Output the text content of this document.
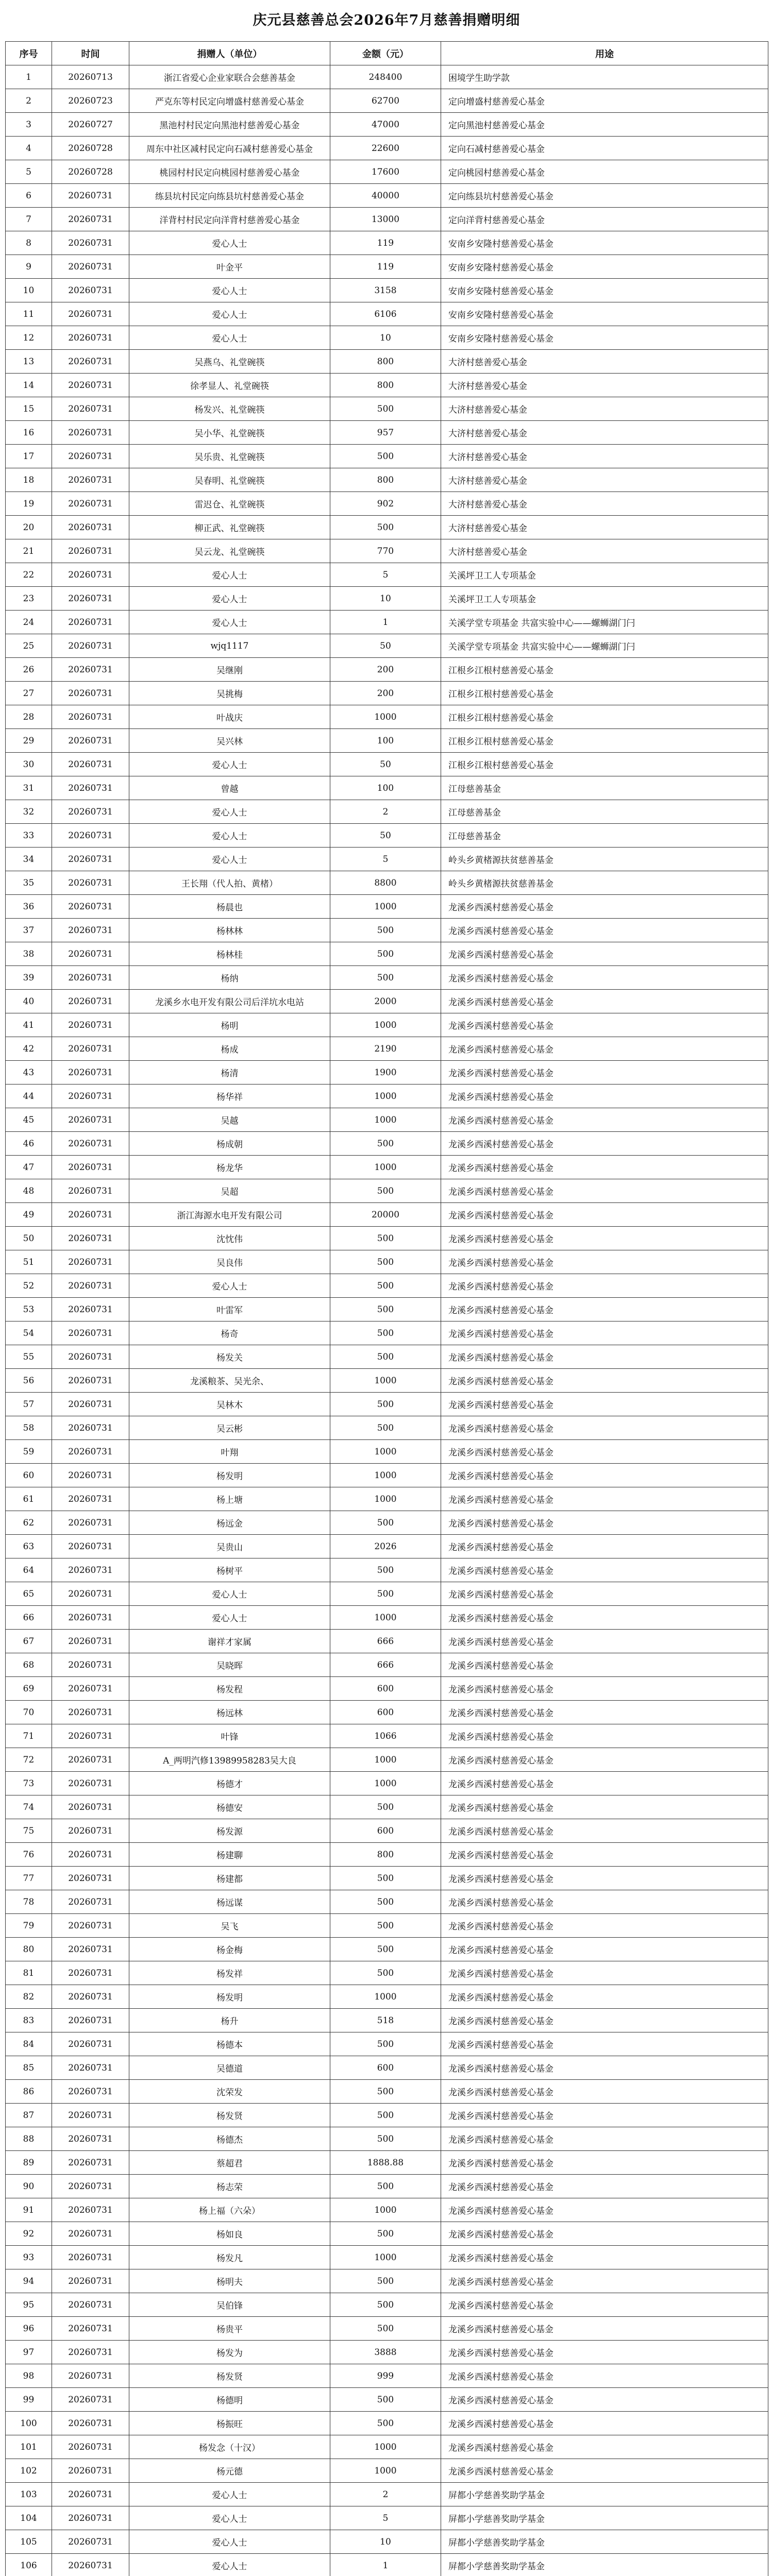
庆元县慈善总会2026年7月慈善捐赠明细
序号	时间	捐赠人（单位）	金额（元）	用途
1	20260713	浙江省爱心企业家联合会慈善基金	248400	困境学生助学款
2	20260723	严克东等村民定向增盛村慈善爱心基金	62700	定向增盛村慈善爱心基金
3	20260727	黑池村村民定向黑池村慈善爱心基金	47000	定向黑池村慈善爱心基金
4	20260728	周东中社区减村民定向石减村慈善爱心基金	22600	定向石减村慈善爱心基金
5	20260728	桃园村村民定向桃园村慈善爱心基金	17600	定向桃园村慈善爱心基金
6	20260731	练县坑村民定向练县坑村慈善爱心基金	40000	定向练县坑村慈善爱心基金
7	20260731	洋背村村民定向洋背村慈善爱心基金	13000	定向洋背村慈善爱心基金
8	20260731	爱心人士	119	安南乡安隆村慈善爱心基金
9	20260731	叶金平	119	安南乡安隆村慈善爱心基金
10	20260731	爱心人士	3158	安南乡安隆村慈善爱心基金
11	20260731	爱心人士	6106	安南乡安隆村慈善爱心基金
12	20260731	爱心人士	10	安南乡安隆村慈善爱心基金
13	20260731	吴燕乌、礼堂碗筷	800	大济村慈善爱心基金
14	20260731	徐孝显人、礼堂碗筷	800	大济村慈善爱心基金
15	20260731	杨发兴、礼堂碗筷	500	大济村慈善爱心基金
16	20260731	吴小华、礼堂碗筷	957	大济村慈善爱心基金
17	20260731	吴乐贵、礼堂碗筷	500	大济村慈善爱心基金
18	20260731	吴春明、礼堂碗筷	800	大济村慈善爱心基金
19	20260731	雷迟仓、礼堂碗筷	902	大济村慈善爱心基金
20	20260731	柳正武、礼堂碗筷	500	大济村慈善爱心基金
21	20260731	吴云龙、礼堂碗筷	770	大济村慈善爱心基金
22	20260731	爱心人士	5	关溪坪卫工人专项基金
23	20260731	爱心人士	10	关溪坪卫工人专项基金
24	20260731	爱心人士	1	关溪学堂专项基金 共富实验中心——螺蛳湖门闩
25	20260731	wjq1117	50	关溪学堂专项基金 共富实验中心——螺蛳湖门闩
26	20260731	吴继刚	200	江根乡江根村慈善爱心基金
27	20260731	吴挑梅	200	江根乡江根村慈善爱心基金
28	20260731	叶战庆	1000	江根乡江根村慈善爱心基金
29	20260731	吴兴林	100	江根乡江根村慈善爱心基金
30	20260731	爱心人士	50	江根乡江根村慈善爱心基金
31	20260731	曾越	100	江母慈善基金
32	20260731	爱心人士	2	江母慈善基金
33	20260731	爱心人士	50	江母慈善基金
34	20260731	爱心人士	5	岭头乡黄楮源扶贫慈善基金
35	20260731	王长翔（代人拍、黄楮）	8800	岭头乡黄楮源扶贫慈善基金
36	20260731	杨晨也	1000	龙溪乡西溪村慈善爱心基金
37	20260731	杨林林	500	龙溪乡西溪村慈善爱心基金
38	20260731	杨林桂	500	龙溪乡西溪村慈善爱心基金
39	20260731	杨纳	500	龙溪乡西溪村慈善爱心基金
40	20260731	龙溪乡水电开发有限公司后洋坑水电站	2000	龙溪乡西溪村慈善爱心基金
41	20260731	杨明	1000	龙溪乡西溪村慈善爱心基金
42	20260731	杨成	2190	龙溪乡西溪村慈善爱心基金
43	20260731	杨清	1900	龙溪乡西溪村慈善爱心基金
44	20260731	杨华祥	1000	龙溪乡西溪村慈善爱心基金
45	20260731	吴越	1000	龙溪乡西溪村慈善爱心基金
46	20260731	杨成朝	500	龙溪乡西溪村慈善爱心基金
47	20260731	杨龙华	1000	龙溪乡西溪村慈善爱心基金
48	20260731	吴超	500	龙溪乡西溪村慈善爱心基金
49	20260731	浙江海源水电开发有限公司	20000	龙溪乡西溪村慈善爱心基金
50	20260731	沈忱伟	500	龙溪乡西溪村慈善爱心基金
51	20260731	吴良伟	500	龙溪乡西溪村慈善爱心基金
52	20260731	爱心人士	500	龙溪乡西溪村慈善爱心基金
53	20260731	叶雷军	500	龙溪乡西溪村慈善爱心基金
54	20260731	杨奇	500	龙溪乡西溪村慈善爱心基金
55	20260731	杨发关	500	龙溪乡西溪村慈善爱心基金
56	20260731	龙溪粮茶、吴光余、	1000	龙溪乡西溪村慈善爱心基金
57	20260731	吴林木	500	龙溪乡西溪村慈善爱心基金
58	20260731	吴云彬	500	龙溪乡西溪村慈善爱心基金
59	20260731	叶翔	1000	龙溪乡西溪村慈善爱心基金
60	20260731	杨发明	1000	龙溪乡西溪村慈善爱心基金
61	20260731	杨上塘	1000	龙溪乡西溪村慈善爱心基金
62	20260731	杨远金	500	龙溪乡西溪村慈善爱心基金
63	20260731	吴贵山	2026	龙溪乡西溪村慈善爱心基金
64	20260731	杨树平	500	龙溪乡西溪村慈善爱心基金
65	20260731	爱心人士	500	龙溪乡西溪村慈善爱心基金
66	20260731	爱心人士	1000	龙溪乡西溪村慈善爱心基金
67	20260731	谢祥才家属	666	龙溪乡西溪村慈善爱心基金
68	20260731	吴晓晖	666	龙溪乡西溪村慈善爱心基金
69	20260731	杨发程	600	龙溪乡西溪村慈善爱心基金
70	20260731	杨远林	600	龙溪乡西溪村慈善爱心基金
71	20260731	叶锋	1066	龙溪乡西溪村慈善爱心基金
72	20260731	A_两明汽修13989958283吴大良	1000	龙溪乡西溪村慈善爱心基金
73	20260731	杨德才	1000	龙溪乡西溪村慈善爱心基金
74	20260731	杨德安	500	龙溪乡西溪村慈善爱心基金
75	20260731	杨发源	600	龙溪乡西溪村慈善爱心基金
76	20260731	杨建聊	800	龙溪乡西溪村慈善爱心基金
77	20260731	杨建都	500	龙溪乡西溪村慈善爱心基金
78	20260731	杨远谋	500	龙溪乡西溪村慈善爱心基金
79	20260731	吴飞	500	龙溪乡西溪村慈善爱心基金
80	20260731	杨金梅	500	龙溪乡西溪村慈善爱心基金
81	20260731	杨发祥	500	龙溪乡西溪村慈善爱心基金
82	20260731	杨发明	1000	龙溪乡西溪村慈善爱心基金
83	20260731	杨升	518	龙溪乡西溪村慈善爱心基金
84	20260731	杨德本	500	龙溪乡西溪村慈善爱心基金
85	20260731	吴德道	600	龙溪乡西溪村慈善爱心基金
86	20260731	沈荣发	500	龙溪乡西溪村慈善爱心基金
87	20260731	杨发贤	500	龙溪乡西溪村慈善爱心基金
88	20260731	杨德杰	500	龙溪乡西溪村慈善爱心基金
89	20260731	蔡超君	1888.88	龙溪乡西溪村慈善爱心基金
90	20260731	杨志荣	500	龙溪乡西溪村慈善爱心基金
91	20260731	杨上福（六朵）	1000	龙溪乡西溪村慈善爱心基金
92	20260731	杨如良	500	龙溪乡西溪村慈善爱心基金
93	20260731	杨发凡	1000	龙溪乡西溪村慈善爱心基金
94	20260731	杨明夫	500	龙溪乡西溪村慈善爱心基金
95	20260731	吴伯锋	500	龙溪乡西溪村慈善爱心基金
96	20260731	杨贵平	500	龙溪乡西溪村慈善爱心基金
97	20260731	杨发为	3888	龙溪乡西溪村慈善爱心基金
98	20260731	杨发贤	999	龙溪乡西溪村慈善爱心基金
99	20260731	杨德明	500	龙溪乡西溪村慈善爱心基金
100	20260731	杨振旺	500	龙溪乡西溪村慈善爱心基金
101	20260731	杨发念（十汉）	1000	龙溪乡西溪村慈善爱心基金
102	20260731	杨元德	1000	龙溪乡西溪村慈善爱心基金
103	20260731	爱心人士	2	屏都小学慈善奖助学基金
104	20260731	爱心人士	5	屏都小学慈善奖助学基金
105	20260731	爱心人士	10	屏都小学慈善奖助学基金
106	20260731	爱心人士	1	屏都小学慈善奖助学基金
